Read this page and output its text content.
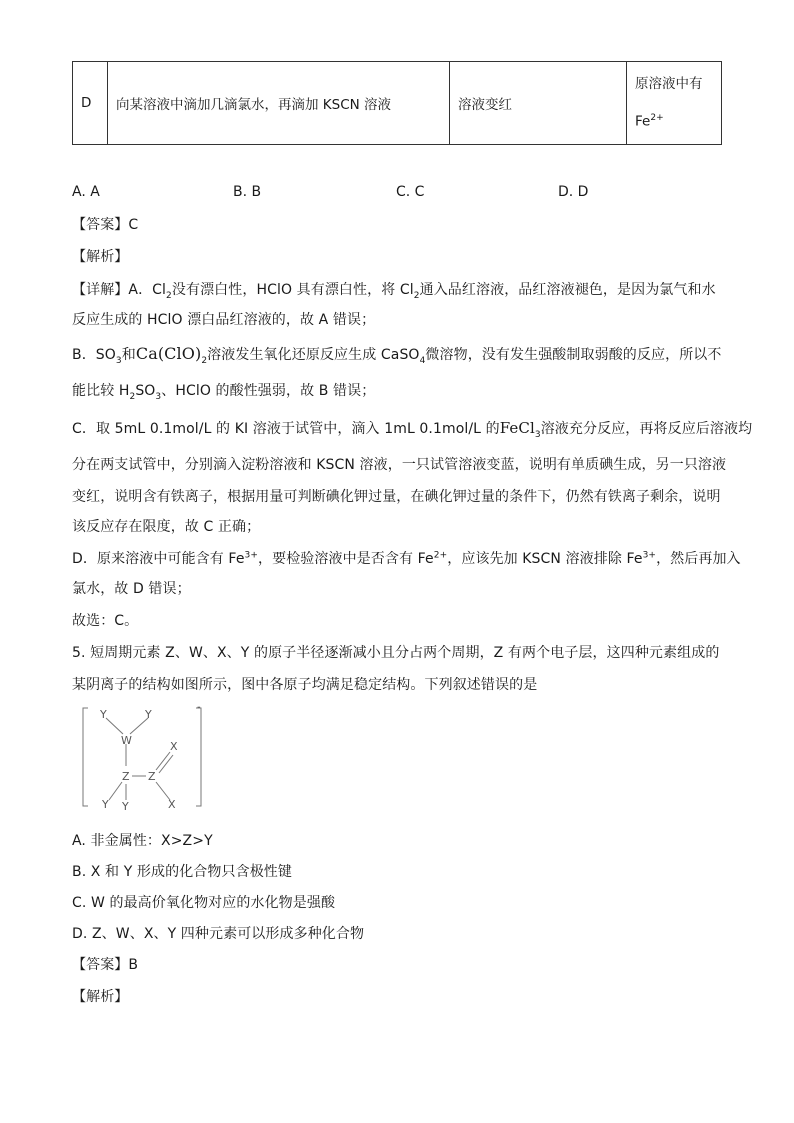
D	向某溶液中滴加几滴氯水，再滴加 KSCN 溶液	溶液变红	
原溶液中有
$Fe^{2+}$
A. A	B. B	C. C	D. D
【答案】C
【解析】
【详解】A．$Cl_2$没有漂白性，HClO 具有漂白性，将 $Cl_2$通入品红溶液，品红溶液褪色，是因为氯气和水
反应生成的 HClO 漂白品红溶液的，故 A 错误；
B．$SO_3$和$Ca(ClO)_2$溶液发生氧化还原反应生成 CaSO$_4$微溶物，没有发生强酸制取弱酸的反应，所以不
能比较 $H_2SO_3$、HClO 的酸性强弱，故 B 错误；
C．取 5mL 0.1mol/L 的 KI 溶液于试管中，滴入 1mL 0.1mol/L 的FeCl$_3$溶液充分反应，再将反应后溶液均
分在两支试管中，分别滴入淀粉溶液和 KSCN 溶液，一只试管溶液变蓝，说明有单质碘生成，另一只溶液
变红，说明含有铁离子，根据用量可判断碘化钾过量，在碘化钾过量的条件下，仍然有铁离子剩余，说明
该反应存在限度，故 C 正确；
D．原来溶液中可能含有 $Fe^{3+}$，要检验溶液中是否含有 $Fe^{2+}$，应该先加 KSCN 溶液排除 $Fe^{3+}$，然后再加入
氯水，故 D 错误；
故选：C。
5. 短周期元素 Z、W、X、Y 的原子半径逐渐减小且分占两个周期，Z 有两个电子层，这四种元素组成的
某阴离子的结构如图所示，图中各原子均满足稳定结构。下列叙述错误的是
Y	Y
W	X
Z Z
Y Y	X
-
A. 非金属性：X>Z>Y
B. X 和 Y 形成的化合物只含极性键
C. W 的最高价氧化物对应的水化物是强酸
D. Z、W、X、Y 四种元素可以形成多种化合物
【答案】B
【解析】
